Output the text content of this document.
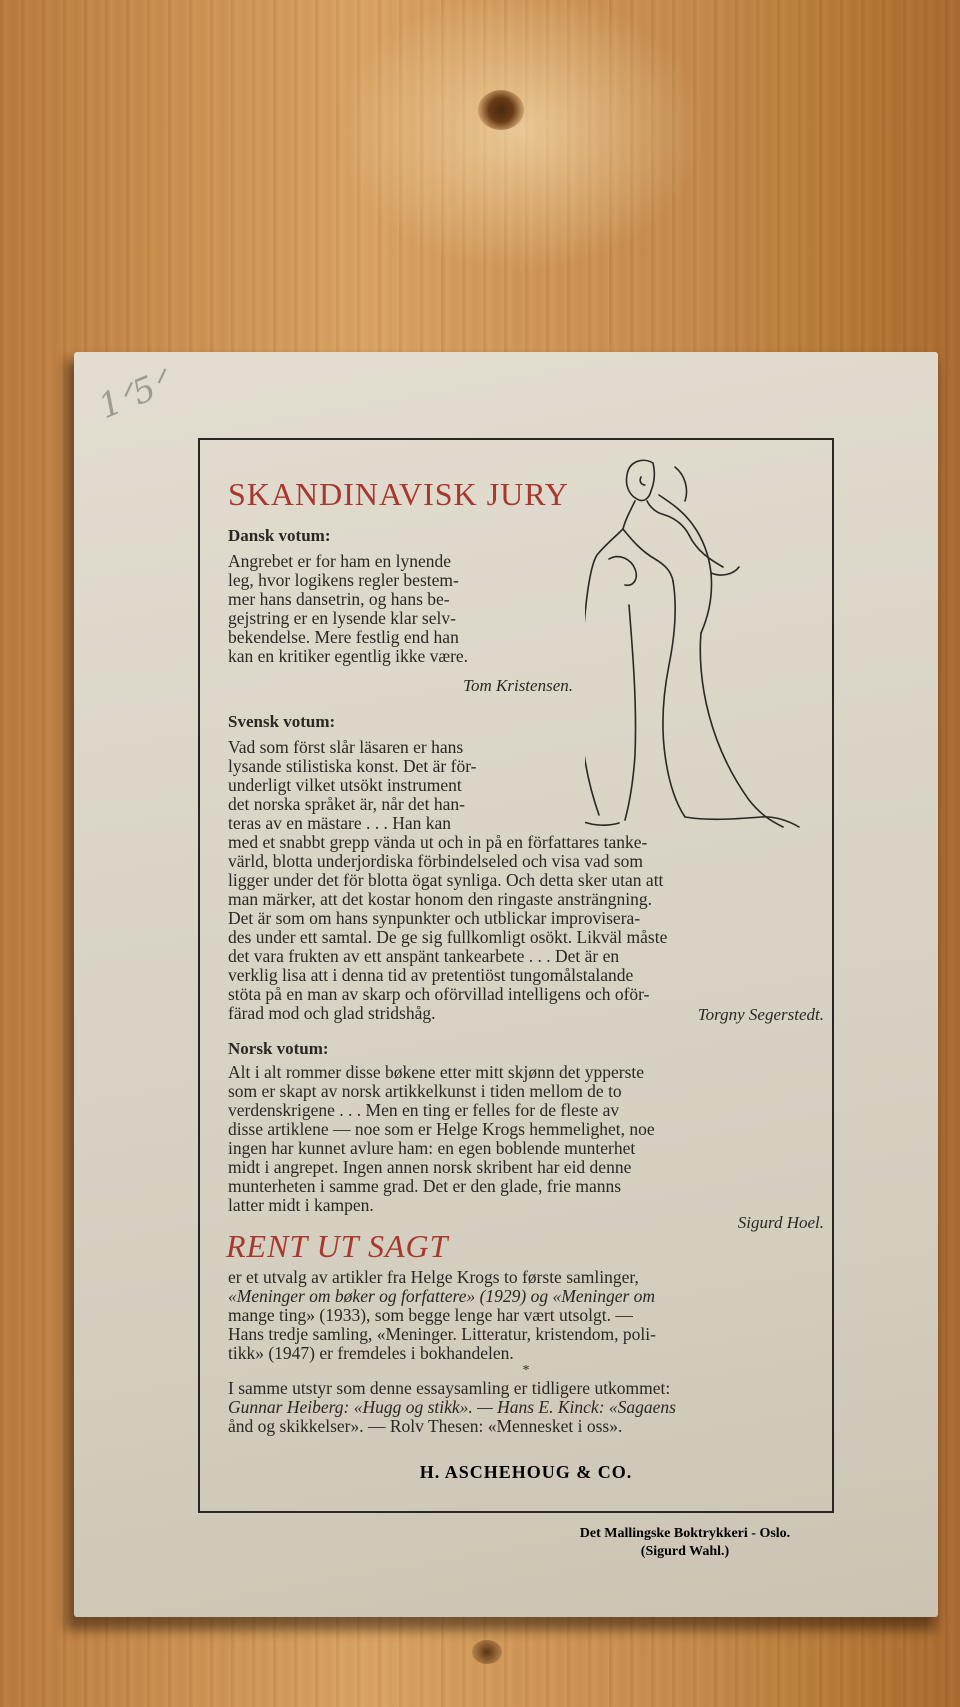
1ᐟ5ᐟ
SKANDINAVISK JURY

Dansk votum:

Angrebet er for ham en lynende

leg, hvor logikens regler bestem-

mer hans dansetrin, og hans be-

gejstring er en lysende klar selv-

bekendelse. Mere festlig end han

kan en kritiker egentlig ikke være.

Tom Kristensen.

Svensk votum:

Vad som först slår läsaren er hans

lysande stilistiska konst. Det är för-

underligt vilket utsökt instrument

det norska språket är, når det han-

teras av en mästare . . . Han kan

med et snabbt grepp vända ut och in på en författares tanke-

värld, blotta underjordiska förbindelseled och visa vad som

ligger under det för blotta ögat synliga. Och detta sker utan att

man märker, att det kostar honom den ringaste ansträngning.

Det är som om hans synpunkter och utblickar improvisera-

des under ett samtal. De ge sig fullkomligt osökt. Likväl måste

det vara frukten av ett anspänt tankearbete . . . Det är en

verklig lisa att i denna tid av pretentiöst tungomålstalande

stöta på en man av skarp och oförvillad intelligens och oför-

färad mod och glad stridshåg.	Torgny Segerstedt.

Norsk votum:

Alt i alt rommer disse bøkene etter mitt skjønn det ypperste

som er skapt av norsk artikkelkunst i tiden mellom de to

verdenskrigene . . . Men en ting er felles for de fleste av

disse artiklene — noe som er Helge Krogs hemmelighet, noe

ingen har kunnet avlure ham: en egen boblende munterhet

midt i angrepet. Ingen annen norsk skribent har eid denne

munterheten i samme grad. Det er den glade, frie manns

latter midt i kampen.

Sigurd Hoel.

RENT UT SAGT

er et utvalg av artikler fra Helge Krogs to første samlinger,

«Meninger om bøker og forfattere» (1929) og «Meninger om

mange ting» (1933), som begge lenge har vært utsolgt. —

Hans tredje samling, «Meninger. Litteratur, kristendom, poli-

tikk» (1947) er fremdeles i bokhandelen.

*

I samme utstyr som denne essaysamling er tidligere utkommet:

Gunnar Heiberg: «Hugg og stikk». — Hans E. Kinck: «Sagaens

ånd og skikkelser». — Rolv Thesen: «Mennesket i oss».

H. ASCHEHOUG & CO.
Det Mallingske Boktrykkeri - Oslo.
(Sigurd Wahl.)
